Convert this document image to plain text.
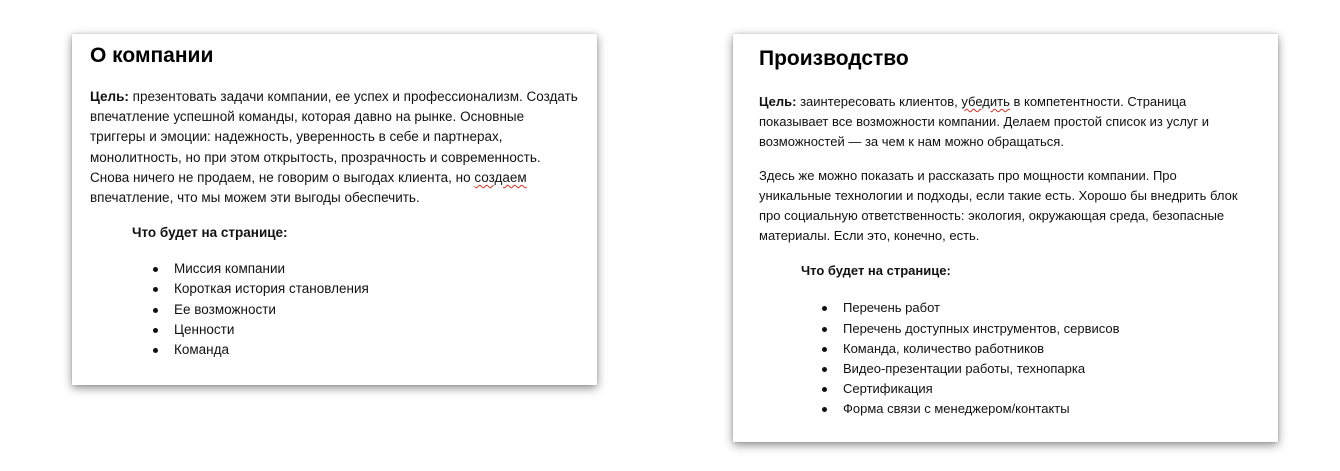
О компании

Цель: презентовать задачи компании, ее успех и профессионализм. Создать впечатление успешной команды, которая давно на рынке. Основные триггеры и эмоции: надежность, уверенность в себе и партнерах, монолитность, но при этом открытость, прозрачность и современность. Снова ничего не продаем, не говорим о выгодах клиента, но создаем впечатление, что мы можем эти выгоды обеспечить.

Что будет на странице:

Миссия компании
Короткая история становления
Ее возможности
Ценности
Команда
Производство

Цель: заинтересовать клиентов, убедить в компетентности. Страница показывает все возможности компании. Делаем простой список из услуг и возможностей — за чем к нам можно обращаться.

Здесь же можно показать и рассказать про мощности компании. Про уникальные технологии и подходы, если такие есть. Хорошо бы внедрить блок про социальную ответственность: экология, окружающая среда, безопасные материалы. Если это, конечно, есть.

Что будет на странице:

Перечень работ
Перечень доступных инструментов, сервисов
Команда, количество работников
Видео-презентации работы, технопарка
Сертификация
Форма связи с менеджером/контакты
